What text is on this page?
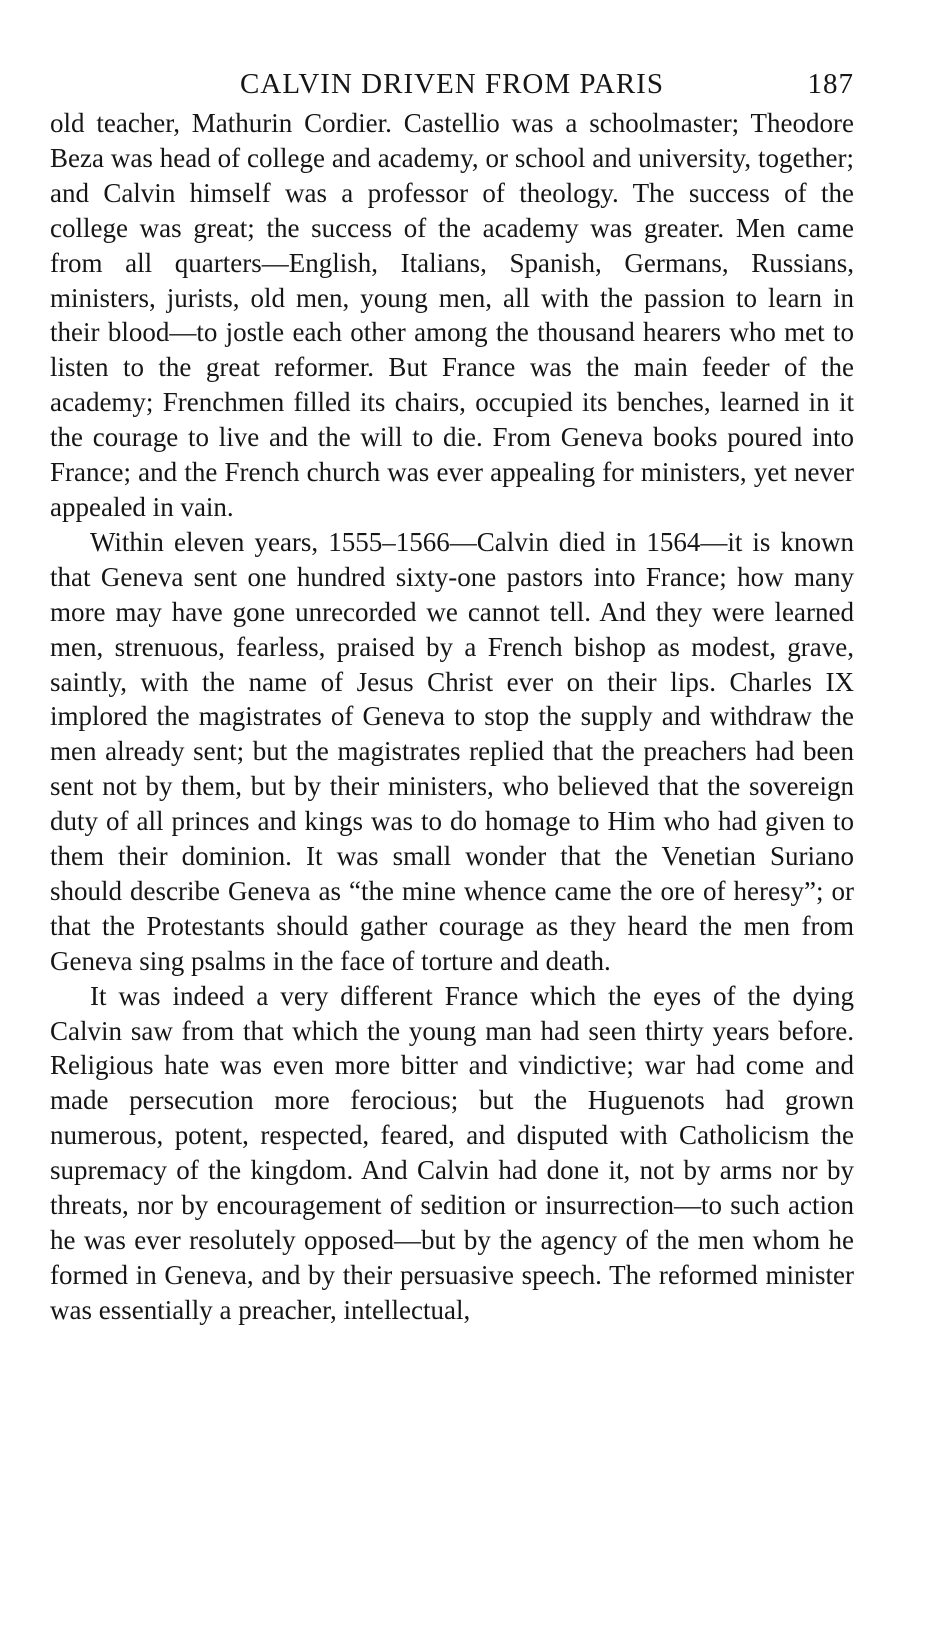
CALVIN DRIVEN FROM PARIS	187

old teacher, Mathurin Cordier. Castellio was a schoolmaster; Theodore Beza was head of college and academy, or school and university, together; and Calvin himself was a professor of theology. The success of the college was great; the success of the academy was greater. Men came from all quarters—English, Italians, Spanish, Germans, Russians, ministers, jurists, old men, young men, all with the passion to learn in their blood—to jostle each other among the thousand hearers who met to listen to the great reformer. But France was the main feeder of the academy; Frenchmen filled its chairs, occupied its benches, learned in it the courage to live and the will to die. From Geneva books poured into France; and the French church was ever appealing for ministers, yet never appealed in vain.

Within eleven years, 1555–1566—Calvin died in 1564—it is known that Geneva sent one hundred sixty-one pastors into France; how many more may have gone unrecorded we cannot tell. And they were learned men, strenuous, fearless, praised by a French bishop as modest, grave, saintly, with the name of Jesus Christ ever on their lips. Charles IX implored the magistrates of Geneva to stop the supply and withdraw the men already sent; but the magistrates replied that the preachers had been sent not by them, but by their ministers, who believed that the sovereign duty of all princes and kings was to do homage to Him who had given to them their dominion. It was small wonder that the Venetian Suriano should describe Geneva as “the mine whence came the ore of heresy”; or that the Protestants should gather courage as they heard the men from Geneva sing psalms in the face of torture and death.

It was indeed a very different France which the eyes of the dying Calvin saw from that which the young man had seen thirty years before. Religious hate was even more bitter and vindictive; war had come and made persecution more ferocious; but the Huguenots had grown numerous, potent, respected, feared, and disputed with Catholicism the supremacy of the kingdom. And Calvin had done it, not by arms nor by threats, nor by encouragement of sedition or insurrection—to such action he was ever resolutely opposed—but by the agency of the men whom he formed in Geneva, and by their persuasive speech. The reformed minister was essentially a preacher, intellectual,
